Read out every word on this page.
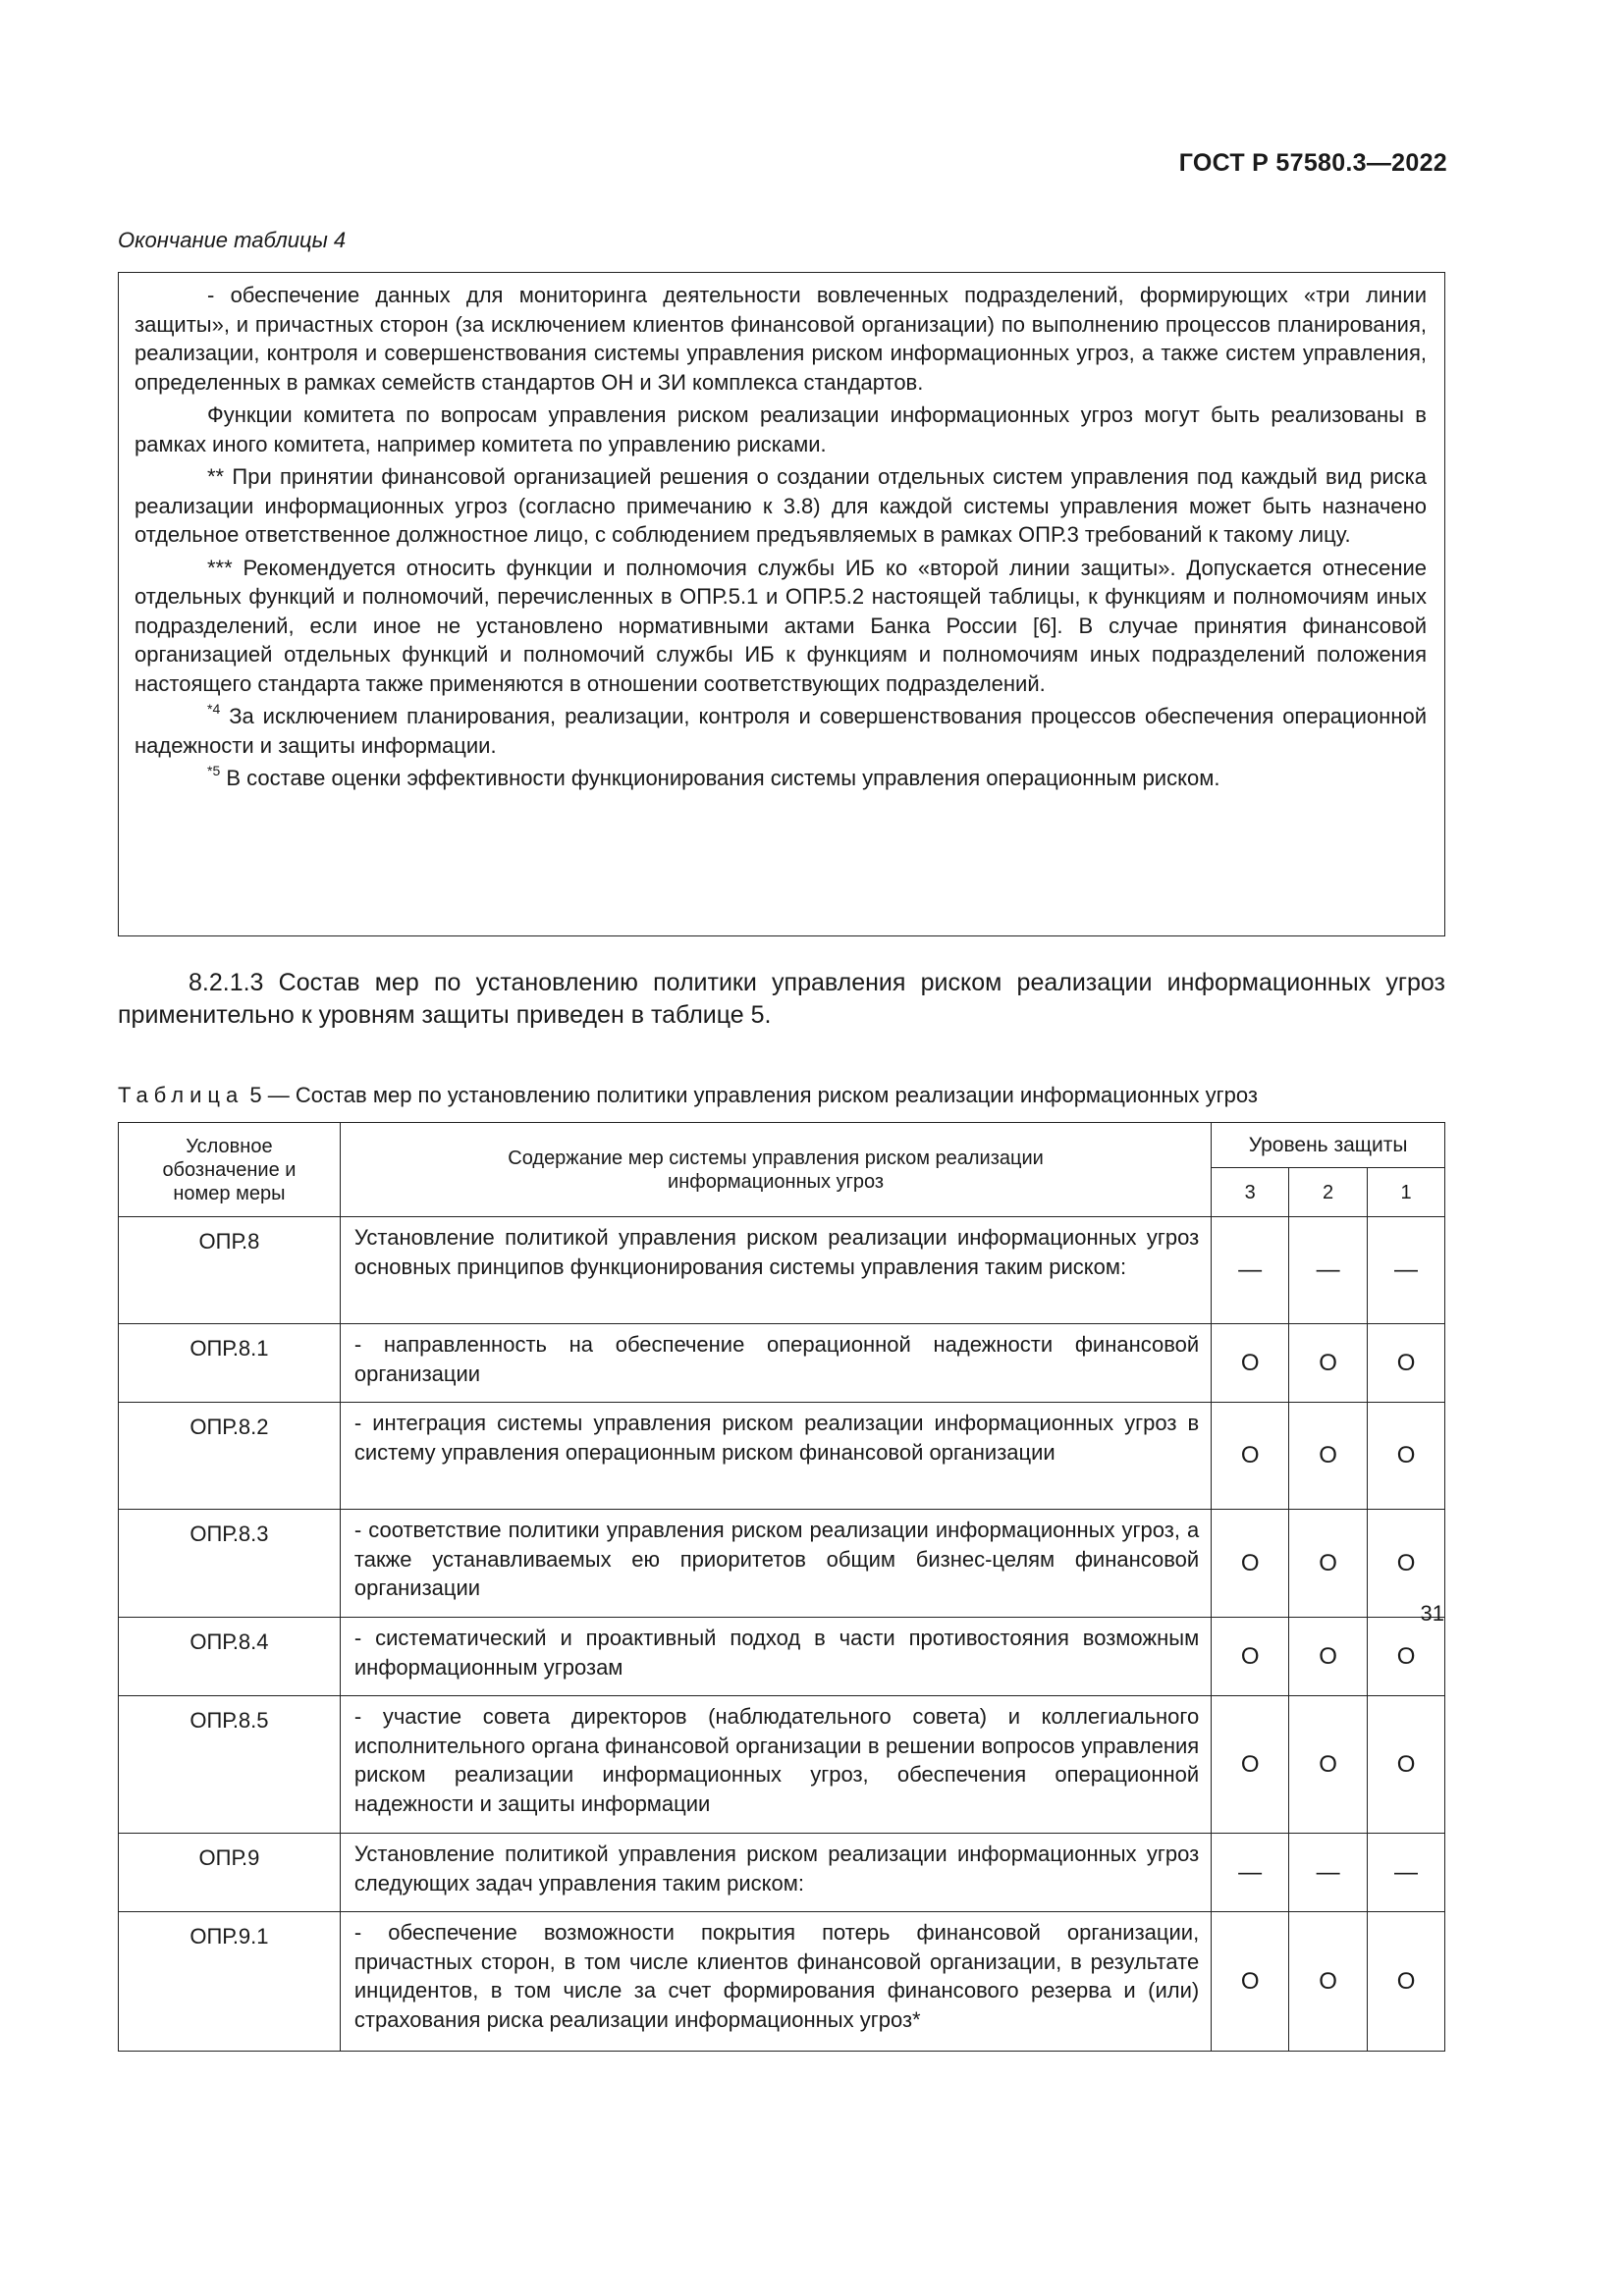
ГОСТ Р 57580.3—2022
Окончание таблицы 4

- обеспечение данных для мониторинга деятельности вовлеченных подразделений, формирующих «три линии защиты», и причастных сторон (за исключением клиентов финансовой организации) по выполнению процессов планирования, реализации, контроля и совершенствования системы управления риском информационных угроз, а также систем управления, определенных в рамках семейств стандартов ОН и ЗИ комплекса стандартов.

Функции комитета по вопросам управления риском реализации информационных угроз могут быть реализованы в рамках иного комитета, например комитета по управлению рисками.

** При принятии финансовой организацией решения о создании отдельных систем управления под каждый вид риска реализации информационных угроз (согласно примечанию к 3.8) для каждой системы управления может быть назначено отдельное ответственное должностное лицо, с соблюдением предъявляемых в рамках ОПР.3 требований к такому лицу.

*** Рекомендуется относить функции и полномочия службы ИБ ко «второй линии защиты». Допускается отнесение отдельных функций и полномочий, перечисленных в ОПР.5.1 и ОПР.5.2 настоящей таблицы, к функциям и полномочиям иных подразделений, если иное не установлено нормативными актами Банка России [6]. В случае принятия финансовой организацией отдельных функций и полномочий службы ИБ к функциям и полномочиям иных подразделений положения настоящего стандарта также применяются в отношении соответствующих подразделений.

$^{*4}$ За исключением планирования, реализации, контроля и совершенствования процессов обеспечения операционной надежности и защиты информации.

$^{*5}$ В составе оценки эффективности функционирования системы управления операционным риском.

8.2.1.3 Состав мер по установлению политики управления риском реализации информационных угроз применительно к уровням защиты приведен в таблице 5.
Таблица 5 — Состав мер по установлению политики управления риском реализации информационных угроз
Условное обозначение и номер меры	Содержание мер системы управления риском реализации информационных угроз	Уровень защиты		
		3	2	1
ОПР.8	Установление политикой управления риском реализации информационных угроз основных принципов функционирования системы управления таким риском:	—	—	—
ОПР.8.1	- направленность на обеспечение операционной надежности финансовой организации	О	О	О
ОПР.8.2	- интеграция системы управления риском реализации информационных угроз в систему управления операционным риском финансовой организации	О	О	О
ОПР.8.3	- соответствие политики управления риском реализации информационных угроз, а также устанавливаемых ею приоритетов общим бизнес-целям финансовой организации	О	О	О
ОПР.8.4	- систематический и проактивный подход в части противостояния возможным информационным угрозам	О	О	О
ОПР.8.5	- участие совета директоров (наблюдательного совета) и коллегиального исполнительного органа финансовой организации в решении вопросов управления риском реализации информационных угроз, обеспечения операционной надежности и защиты информации	О	О	О
ОПР.9	Установление политикой управления риском реализации информационных угроз следующих задач управления таким риском:	—	—	—
ОПР.9.1	- обеспечение возможности покрытия потерь финансовой организации, причастных сторон, в том числе клиентов финансовой организации, в результате инцидентов, в том числе за счет формирования финансового резерва и (или) страхования риска реализации информационных угроз*	О	О	О
31
